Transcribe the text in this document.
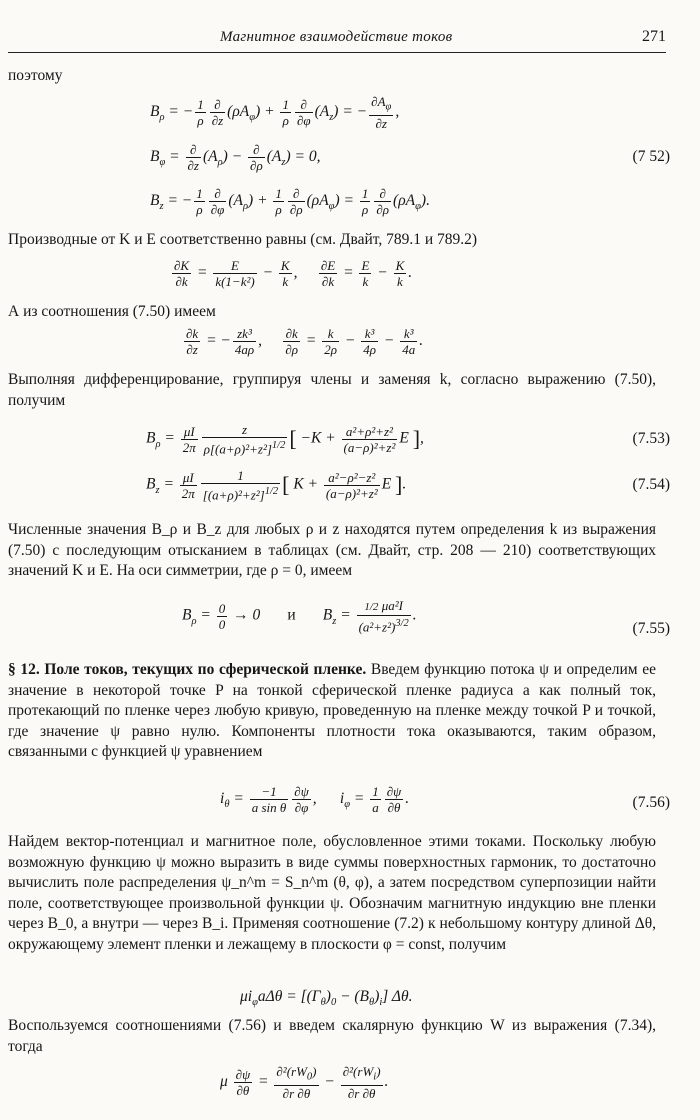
Магнитное взаимодействие токов	271
поэтому
$B_\rho$ = − $\frac{1}{\rho} \frac{\partial}{\partial z} (\rho A_\varphi) + \frac{1}{\rho} \frac{\partial}{\partial\varphi} (A_z)$ = − $\frac{\partial A_\varphi}{\partial z}$ ,
$B_\varphi = \frac{\partial}{\partial z} (A_\rho) - \frac{\partial}{\partial\rho} (A_z) = 0$,	(7 52)
$B_z$ = − $\frac{1}{\rho} \frac{\partial}{\partial\varphi} (A_\rho) + \frac{1}{\rho} \frac{\partial}{\partial\rho} (\rho A_\varphi) = \frac{1}{\rho} \frac{\partial}{\partial\rho} (\rho A_\varphi)$.
Производные от K и E соответственно равны (см. Двайт, 789.1 и 789.2)
$\frac{\partial K}{\partial k} = \frac{E}{\text{k(1−k²)}} - \frac{K}{k}$ , $\frac{\partial E}{\partial k} = \frac{E}{k} - \frac{K}{k}$ .
А из соотношения (7.50) имеем
$\frac{\partial k}{\partial z}$ = − $\frac{\text{zk³}}{4a\rho}$ , $\frac{\partial k}{\partial\rho} = \frac{k}{2\rho} - \frac{\text{k³}}{4\rho} - \frac{\text{k³}}{4a}$ .
Выполняя дифференцирование, группируя члены и заменяя k, согласно выражению (7.50), получим
$B_\rho = \frac{\mu I}{2\pi} \frac{z}{\rho[(a+\rho)^2+z^2]^{1/2}}$ [ $-K + \frac{\text{a²+ρ²+z²}}{\text{(a−ρ)²+z²}}$ E ],	(7.53)
$B_z = \frac{\mu I}{2\pi} \frac{1}{[(a+\rho)^2+z^2]^{1/2}}$ [ $K + \frac{\text{a²−ρ²−z²}}{\text{(a−ρ)²+z²}}$ E ].	(7.54)
Численные значения B_ρ и B_z для любых ρ и z находятся путем определения k из выражения (7.50) с последующим отысканием в таблицах (см. Двайт, стр. 208 — 210) соответствующих значений K и E. На оси симметрии, где ρ = 0, имеем
$B_\rho = \frac{0}{0} \to 0$       и       $B_z = \frac{\text{1/2 μa²I}}{(a^2+z^2)^{3/2}}$ .
(7.55)
§ 12. Поле токов, текущих по сферической пленке. Введем функцию потока ψ и определим ее значение в некоторой точке P на тонкой сферической пленке радиуса a как полный ток, протекающий по пленке через любую кривую, проведенную на пленке между точкой P и точкой, где значение ψ равно нулю. Компоненты плотности тока оказываются, таким образом, связанными с функцией ψ уравнением
$i_\theta = \frac{-1}{\text{a sin θ}} \frac{\partial\psi}{\partial\varphi}$ ,      $i_\varphi = \frac{1}{a} \frac{\partial\psi}{\partial\theta}$ .	(7.56)
Найдем вектор-потенциал и магнитное поле, обусловленное этими токами. Поскольку любую возможную функцию ψ можно выразить в виде суммы поверхностных гармоник, то достаточно вычислить поле распределения ψ_n^m = S_n^m (θ, φ), а затем посредством суперпозиции найти поле, соответствующее произвольной функции ψ. Обозначим магнитную индукцию вне пленки через B_0, а внутри — через B_i. Применяя соотношение (7.2) к небольшому контуру длиной Δθ, окружающему элемент пленки и лежащему в плоскости φ = const, получим
$\mu i_\varphi a\Delta\theta = [(\Gamma_\theta)_0 - (B_\theta)_i]$ Δθ.
Воспользуемся соотношениями (7.56) и введем скалярную функцию W из выражения (7.34), тогда
μ $\frac{\partial\psi}{\partial\theta} = \frac{\partial^2(rW_0)}{\partial r \partial\theta} - \frac{\partial^2(rW_i)}{\partial r \partial\theta}$ .
